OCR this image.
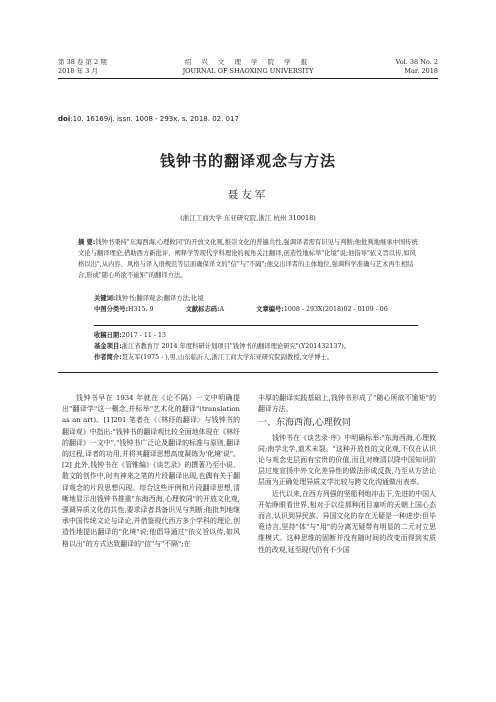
第 38 卷 第 2 期
2018 年 3 月
绍 兴 文 理 学 院 学 报
JOURNAL OF SHAOXING UNIVERSITY
Vol. 38 No. 2
Mar. 2018
doi:10. 16169/j. issn. 1008 - 293x. s. 2018. 02. 017
钱钟书的翻译观念与方法
聂友军
(浙江工商大学 东亚研究院,浙江 杭州 310018)
摘 要:钱钟书秉持"东海西海,心理攸同"的开放文化观,推崇文化的普遍共性,强调译者需有识见与判断;他批判地继承中国传统文论与翻译理论,借助西方新批评、阐释学等现代学科理论的视角关注翻译,创造性地标举"化境"说;他指导"依义旨以传,如风格以出",从内容、风格与译入语规范等层面确保译文的"信"与"不隔";他交出译者的主体地位,强调科学准确与艺术再生相结合,形成"随心所欲不逾矩"的翻译方法。
关键词:钱钟书;翻译观念;翻译方法;化境
中图分类号:H315. 9	文献标志码:A	文章编号:1008 - 293X(2018)02 - 0109 - 06
收稿日期:2017 - 11 - 13
基金项目:浙江省教育厅 2014 年度科研计划项目"钱钟书的翻译理论研究"(Y201432137)。
作者简介:聂友军(1975 - ),男,山东临沂人,浙江工商大学东亚研究院副教授,文学博士。

钱钟书早在 1934 年就在《论不隔》一文中明确提出"翻译学"这一概念,并标举"艺术化的翻译"(translation as an art)。[1]201 笔者在《〈林纾的翻译〉与钱钟书的翻译观》中指出:"钱钟书的翻译观比较全面地体现在《林纾的翻译》一文中","钱钟书广泛论及翻译的标准与原则,翻译的过程,译者的功用,并将其翻译思想高度凝练为'化境'说"。[2] 此外,钱钟书在《管锥编》《谈艺录》的撰著乃至小说、散文的创作中,时有神来之笔的片段翻译出现,也偶有关于翻译观念的片段思想闪现。综合这些评例和片段翻译思想,清晰地显示出钱钟书推重"东海西海,心理攸同"的开放文化观,强调异质文化的共性,要求译者具备识见与判断;他批判地继承中国传统文论与译论,并借鉴现代西方多个学科的理论,创造性地提出翻译的"化境"说;他倡导通过"依义旨以传,如风格以出"的方式达致翻译的"信"与"不隔";在

丰厚的翻译实践基础上,钱钟书形成了"随心所欲不逾矩"的翻译方法。

一、东海西海,心理攸同

钱钟书在《谈艺录·序》中明确标举:"东海西海,心理攸同;南学北学,道术未裂。"这种开放性的文化观,不仅在认识论与观念史层面有宝贵的价值,而且对晚清以降中国知识阶层过度宣扬中外文化差异性的做法形成反拨,乃至从方法论层面为正确处理异质文学比较与跨文化沟通做出表率。

近代以来,在西方列强的坚船利炮冲击下,先进的中国人开始睁眼看世界,相对于以往那种闭目塞听的天朝上国心态而言,认识到异民族、异国文化的存在无疑是一种进步;但毕竟诗言,坚持"体"与"用"的分离无疑带有明显的二元对立思维模式。这种思维的固断并没有随时间的改变而得到实质性的改观,延至现代仍有不少国
